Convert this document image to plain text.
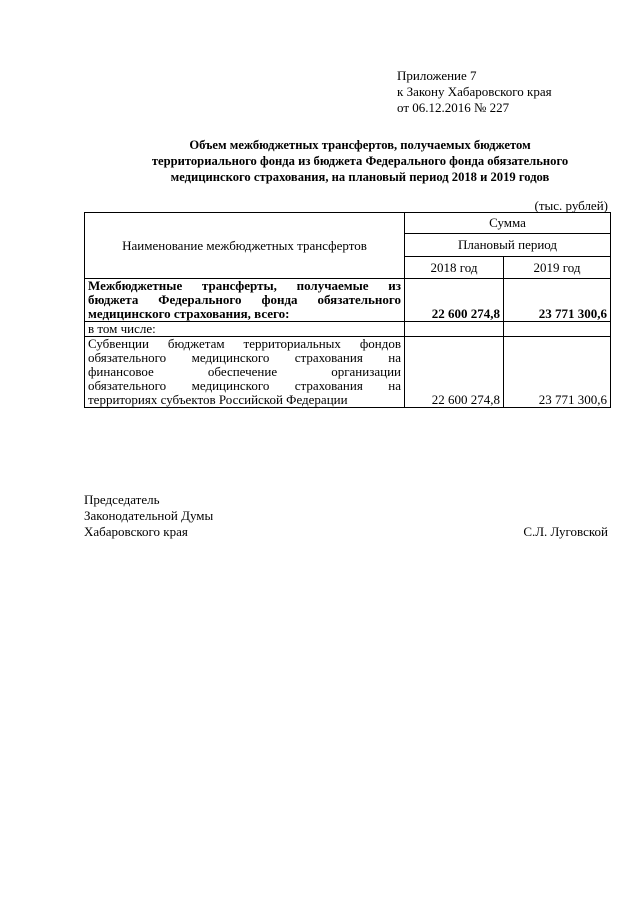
Приложение 7
к Закону Хабаровского края
от 06.12.2016 № 227
Объем межбюджетных трансфертов, получаемых бюджетом
территориального фонда из бюджета Федерального фонда обязательного
медицинского страхования, на плановый период 2018 и 2019 годов
(тыс. рублей)
Наименование межбюджетных трансфертов	Сумма	
	Плановый период	
	2018 год	2019 год

Межбюджетные трансферты, получаемые из
бюджета Федерального фонда обязательного
медицинского страхования, всего:	22 600 274,8	23 771 300,6
в том числе:		

Субвенции бюджетам территориальных фондов
обязательного медицинского страхования на
финансовое обеспечение организации
обязательного медицинского страхования на
территориях субъектов Российской Федерации	22 600 274,8	23 771 300,6
Председатель
Законодательной Думы
Хабаровского края	С.Л. Луговской
